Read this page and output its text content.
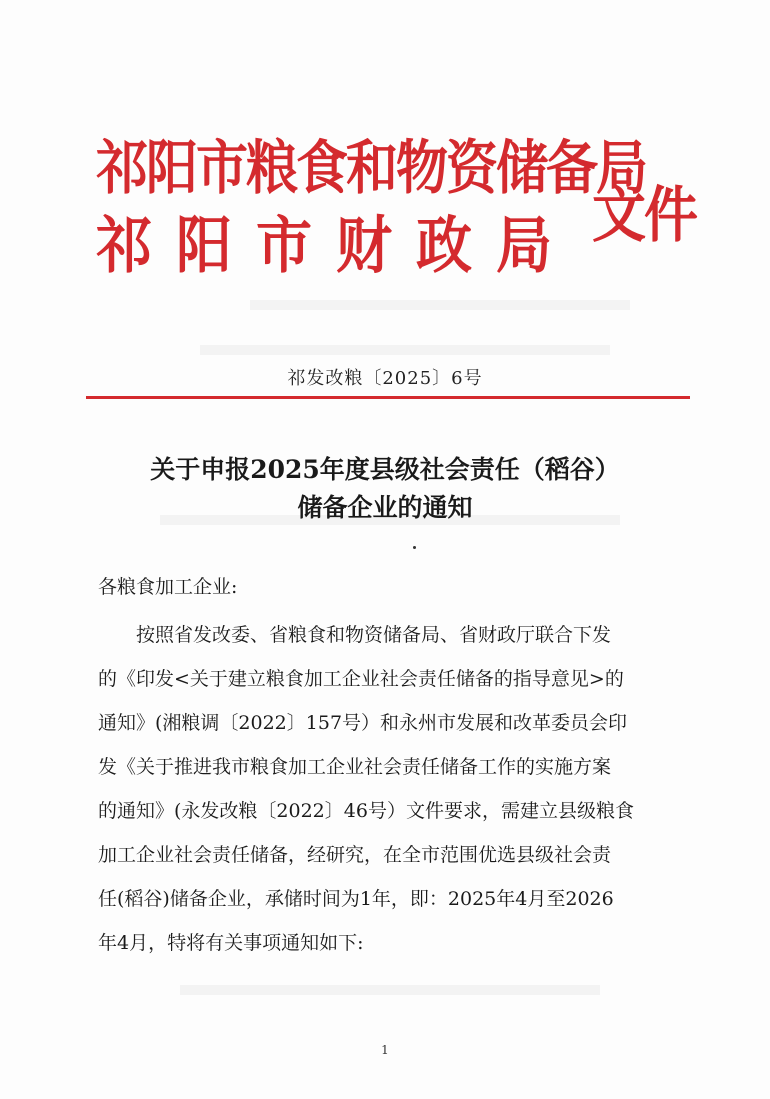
祁阳市粮食和物资储备局
祁阳市财政局 文件
祁发改粮〔2025〕6号
关于申报2025年度县级社会责任（稻谷）
储备企业的通知
各粮食加工企业:
　　按照省发改委、省粮食和物资储备局、省财政厅联合下发
的《印发<关于建立粮食加工企业社会责任储备的指导意见>的
通知》(湘粮调〔2022〕157号）和永州市发展和改革委员会印
发《关于推进我市粮食加工企业社会责任储备工作的实施方案
的通知》(永发改粮〔2022〕46号）文件要求，需建立县级粮食
加工企业社会责任储备，经研究，在全市范围优选县级社会责
任(稻谷)储备企业，承储时间为1年，即：2025年4月至2026
年4月，特将有关事项通知如下:
1
